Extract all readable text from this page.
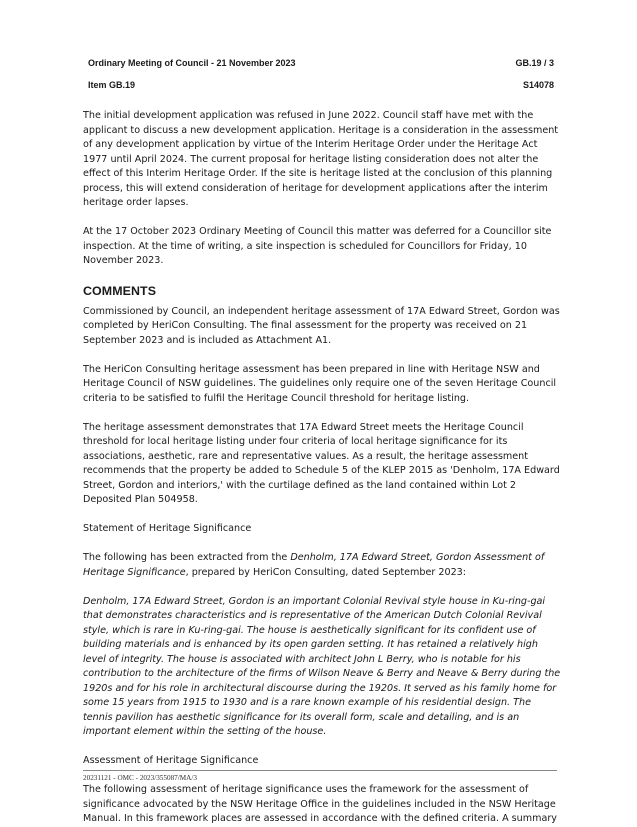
Ordinary Meeting of Council - 21 November 2023	GB.19 / 3
Item GB.19	S14078

The initial development application was refused in June 2022. Council staff have met with the applicant to discuss a new development application. Heritage is a consideration in the assessment of any development application by virtue of the Interim Heritage Order under the Heritage Act 1977 until April 2024. The current proposal for heritage listing consideration does not alter the effect of this Interim Heritage Order. If the site is heritage listed at the conclusion of this planning process, this will extend consideration of heritage for development applications after the interim heritage order lapses.

At the 17 October 2023 Ordinary Meeting of Council this matter was deferred for a Councillor site inspection. At the time of writing, a site inspection is scheduled for Councillors for Friday, 10 November 2023.

COMMENTS

Commissioned by Council, an independent heritage assessment of 17A Edward Street, Gordon was completed by HeriCon Consulting. The final assessment for the property was received on 21 September 2023 and is included as Attachment A1.

The HeriCon Consulting heritage assessment has been prepared in line with Heritage NSW and Heritage Council of NSW guidelines. The guidelines only require one of the seven Heritage Council criteria to be satisfied to fulfil the Heritage Council threshold for heritage listing.

The heritage assessment demonstrates that 17A Edward Street meets the Heritage Council threshold for local heritage listing under four criteria of local heritage significance for its associations, aesthetic, rare and representative values. As a result, the heritage assessment recommends that the property be added to Schedule 5 of the KLEP 2015 as 'Denholm, 17A Edward Street, Gordon and interiors,' with the curtilage defined as the land contained within Lot 2 Deposited Plan 504958.

Statement of Heritage Significance

The following has been extracted from the Denholm, 17A Edward Street, Gordon Assessment of Heritage Significance, prepared by HeriCon Consulting, dated September 2023:

Denholm, 17A Edward Street, Gordon is an important Colonial Revival style house in Ku-ring-gai that demonstrates characteristics and is representative of the American Dutch Colonial Revival style, which is rare in Ku-ring-gai. The house is aesthetically significant for its confident use of building materials and is enhanced by its open garden setting. It has retained a relatively high level of integrity. The house is associated with architect John L Berry, who is notable for his contribution to the architecture of the firms of Wilson Neave & Berry and Neave & Berry during the 1920s and for his role in architectural discourse during the 1920s. It served as his family home for some 15 years from 1915 to 1930 and is a rare known example of his residential design. The tennis pavilion has aesthetic significance for its overall form, scale and detailing, and is an important element within the setting of the house.

Assessment of Heritage Significance

The following assessment of heritage significance uses the framework for the assessment of significance advocated by the NSW Heritage Office in the guidelines included in the NSW Heritage Manual. In this framework places are assessed in accordance with the defined criteria. A summary

20231121 - OMC - 2023/355087/MA/3
